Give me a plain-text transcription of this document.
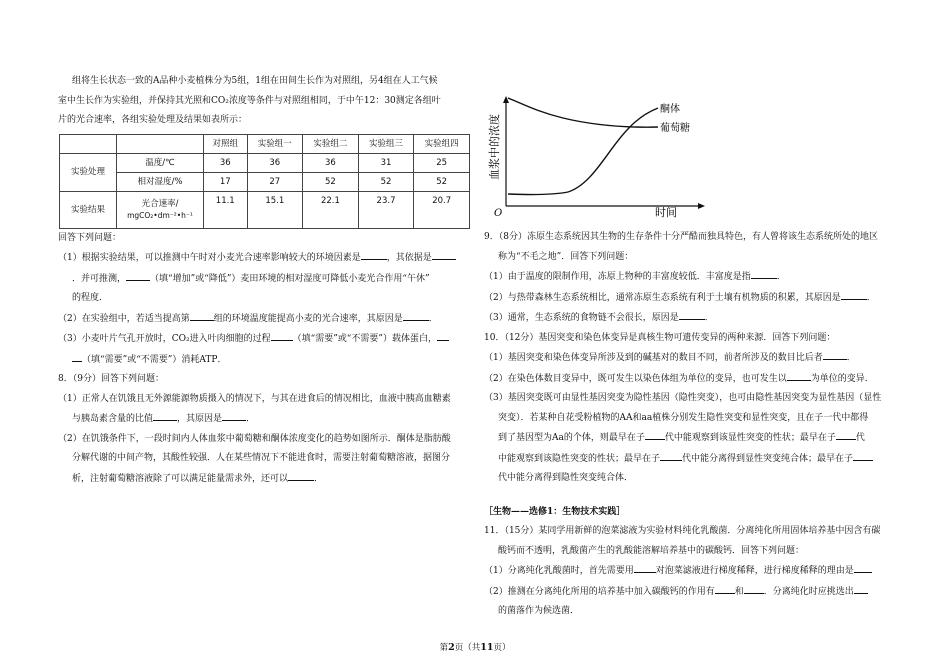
组将生长状态一致的A品种小麦植株分为5组，1组在田间生长作为对照组，另4组在人工气候

室中生长作为实验组，并保持其光照和CO₂浓度等条件与对照组相同，于中午12：30测定各组叶

片的光合速率，各组实验处理及结果如表所示：

		对照组	实验组一	实验组二	实验组三	实验组四
实验处理	温度/℃	36	36	36	31	25
	相对湿度/%	17	27	52	52	52
实验结果	光合速率/
mgCO₂•dm⁻²•h⁻¹	11.1	15.1	22.1	23.7	20.7

回答下列问题：

（1）根据实验结果，可以推测中午时对小麦光合速率影响较大的环境因素是	，其依据是

．并可推测，	（填“增加”或“降低”）麦田环境的相对湿度可降低小麦光合作用“午休”

的程度．

（2）在实验组中，若适当提高第	组的环境温度能提高小麦的光合速率，其原因是	．

（3）小麦叶片气孔开放时，CO₂进入叶肉细胞的过程 （填“需要”或“不需要”）载体蛋白，

（填“需要”或“不需要”）消耗ATP．

8．（9分）回答下列问题：

（1）正常人在饥饿且无外源能源物质摄入的情况下，与其在进食后的情况相比，血液中胰高血糖素

与胰岛素含量的比值	，其原因是	．

（2）在饥饿条件下，一段时间内人体血浆中葡萄糖和酮体浓度变化的趋势如图所示．酮体是脂肪酸

分解代谢的中间产物，其酸性较强．人在某些情况下不能进食时，需要注射葡萄糖溶液，据图分

析，注射葡萄糖溶液除了可以满足能量需求外，还可以	．

血浆中的浓度
时间
O
酮体
葡萄糖

9．（8分）冻原生态系统因其生物的生存条件十分严酷而独具特色，有人曾将该生态系统所处的地区

称为“不毛之地”．回答下列问题：

（1）由于温度的限制作用，冻原上物种的丰富度较低．丰富度是指	．

（2）与热带森林生态系统相比，通常冻原生态系统有利于土壤有机物质的积累，其原因是	．

（3）通常，生态系统的食物链不会很长，原因是	．

10．（12分）基因突变和染色体变异是真核生物可遗传变异的两种来源．回答下列问题：

（1）基因突变和染色体变异所涉及到的碱基对的数目不同，前者所涉及的数目比后者	．

（2）在染色体数目变异中，既可发生以染色体组为单位的变异，也可发生以	为单位的变异．

（3）基因突变既可由显性基因突变为隐性基因（隐性突变），也可由隐性基因突变为显性基因（显性

突变）．若某种自花受粉植物的AA和aa植株分别发生隐性突变和显性突变，且在子一代中都得

到了基因型为Aa的个体，则最早在子 代中能观察到该显性突变的性状；最早在子 代

中能观察到该隐性突变的性状；最早在子 代中能分离得到显性突变纯合体；最早在子

代中能分离得到隐性突变纯合体．

［生物——选修1：生物技术实践］

11．（15分）某同学用新鲜的泡菜滤液为实验材料纯化乳酸菌．分离纯化所用固体培养基中因含有碳

酸钙而不透明，乳酸菌产生的乳酸能溶解培养基中的碳酸钙．回答下列问题：

（1）分离纯化乳酸菌时，首先需要用 对泡菜滤液进行梯度稀释，进行梯度稀释的理由是

（2）推测在分离纯化所用的培养基中加入碳酸钙的作用有 和 ．分离纯化时应挑选出

的菌落作为候选菌．

第2页（共11页）
